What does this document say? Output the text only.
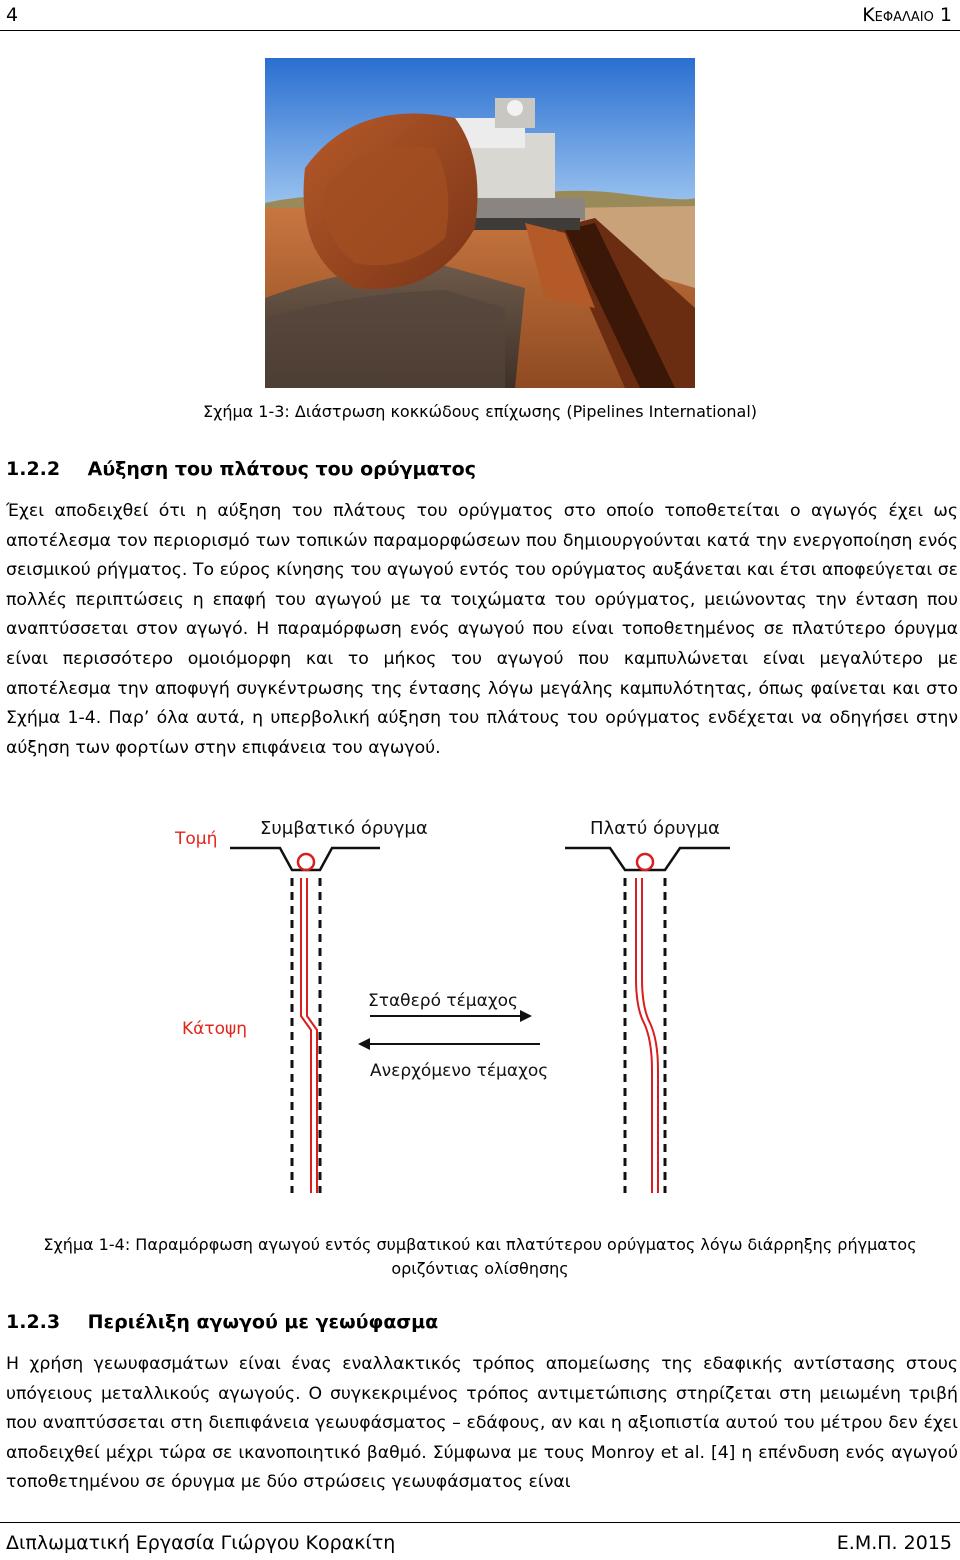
4	Κεφαλαιο 1
Σχήμα 1-3: Διάστρωση κοκκώδους επίχωσης (Pipelines International)
1.2.2 Αύξηση του πλάτους του ορύγματος

Έχει αποδειχθεί ότι η αύξηση του πλάτους του ορύγματος στο οποίο τοποθετείται ο αγωγός έχει ως αποτέλεσμα τον περιορισμό των τοπικών παραμορφώσεων που δημιουργούνται κατά την ενεργοποίηση ενός σεισμικού ρήγματος. Το εύρος κίνησης του αγωγού εντός του ορύγματος αυξάνεται και έτσι αποφεύγεται σε πολλές περιπτώσεις η επαφή του αγωγού με τα τοιχώματα του ορύγματος, μειώνοντας την ένταση που αναπτύσσεται στον αγωγό. Η παραμόρφωση ενός αγωγού που είναι τοποθετημένος σε πλατύτερο όρυγμα είναι περισσότερο ομοιόμορφη και το μήκος του αγωγού που καμπυλώνεται είναι μεγαλύτερο με αποτέλεσμα την αποφυγή συγκέντρωσης της έντασης λόγω μεγάλης καμπυλότητας, όπως φαίνεται και στο Σχήμα 1-4. Παρ’ όλα αυτά, η υπερβολική αύξηση του πλάτους του ορύγματος ενδέχεται να οδηγήσει στην αύξηση των φορτίων στην επιφάνεια του αγωγού.

Τομή
Κάτοψη
Συμβατικό όρυγμα	Πλατύ όρυγμα
Σταθερό τέμαχος
Ανερχόμενο τέμαχος
Σχήμα 1-4: Παραμόρφωση αγωγού εντός συμβατικού και πλατύτερου ορύγματος λόγω διάρρηξης ρήγματος
οριζόντιας ολίσθησης
1.2.3 Περιέλιξη αγωγού με γεωύφασμα

Η χρήση γεωυφασμάτων είναι ένας εναλλακτικός τρόπος απομείωσης της εδαφικής αντίστασης στους υπόγειους μεταλλικούς αγωγούς. Ο συγκεκριμένος τρόπος αντιμετώπισης στηρίζεται στη μειωμένη τριβή που αναπτύσσεται στη διεπιφάνεια γεωυφάσματος – εδάφους, αν και η αξιοπιστία αυτού του μέτρου δεν έχει αποδειχθεί μέχρι τώρα σε ικανοποιητικό βαθμό. Σύμφωνα με τους Monroy et al. [4] η επένδυση ενός αγωγού τοποθετημένου σε όρυγμα με δύο στρώσεις γεωυφάσματος είναι

Διπλωματική Εργασία Γιώργου Κορακίτη	Ε.Μ.Π. 2015
